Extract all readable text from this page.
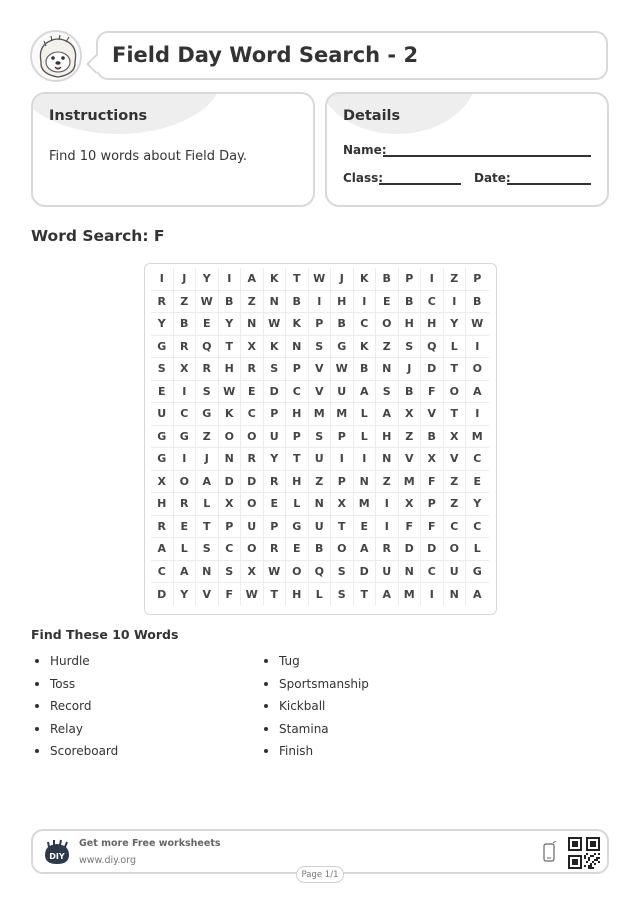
Field Day Word Search - 2
Instructions
Find 10 words about Field Day.
Details
Name:
Class:	Date:
Word Search: F
I	J	Y	I	A	K	T	W	J	K	B	P	I	Z	P
R	Z	W	B	Z	N	B	I	H	I	E	B	C	I	B
Y	B	E	Y	N	W	K	P	B	C	O	H	H	Y	W
G	R	Q	T	X	K	N	S	G	K	Z	S	Q	L	I
S	X	R	H	R	S	P	V	W	B	N	J	D	T	O
E	I	S	W	E	D	C	V	U	A	S	B	F	O	A
U	C	G	K	C	P	H	M	M	L	A	X	V	T	I
G	G	Z	O	O	U	P	S	P	L	H	Z	B	X	M
G	I	J	N	R	Y	T	U	I	I	N	V	X	V	C
X	O	A	D	D	R	H	Z	P	N	Z	M	F	Z	E
H	R	L	X	O	E	L	N	X	M	I	X	P	Z	Y
R	E	T	P	U	P	G	U	T	E	I	F	F	C	C
A	L	S	C	O	R	E	B	O	A	R	D	D	O	L
C	A	N	S	X	W	O	Q	S	D	U	N	C	U	G
D	Y	V	F	W	T	H	L	S	T	A	M	I	N	A
Find These 10 Words
Hurdle
Toss
Record
Relay
Scoreboard
Tug
Sportsmanship
Kickball
Stamina
Finish
DIY
Get more Free worksheets
www.diy.org
Page 1/1
